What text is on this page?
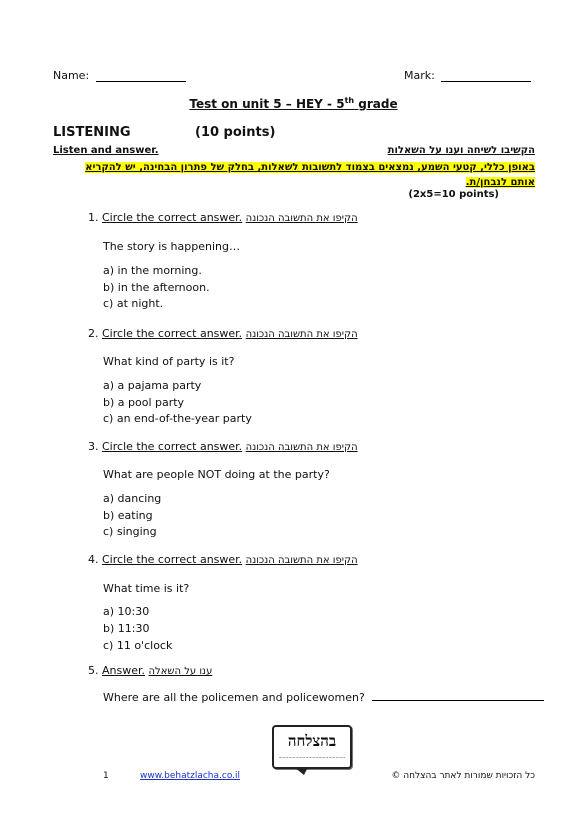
Name:	Mark:
Test on unit 5 – HEY - 5th grade
LISTENING	(10 points)
Listen and answer.	הקשיבו לשיחה וענו על השאלות
באופן כללי, קטעי השמע, נמצאים בצמוד לתשובות לשאלות, בחלק של פתרון הבחינה, יש להקריא אותם לנבחן/ת.
(2x5=10 points)
1. Circle the correct answer. הקיפו את התשובה הנכונה
The story is happening…
a) in the morning.
b) in the afternoon.
c) at night.
2. Circle the correct answer. הקיפו את התשובה הנכונה
What kind of party is it?
a) a pajama party
b) a pool party
c) an end-of-the-year party
3. Circle the correct answer. הקיפו את התשובה הנכונה
What are people NOT doing at the party?
a) dancing
b) eating
c) singing
4. Circle the correct answer. הקיפו את התשובה הנכונה
What time is it?
a) 10:30
b) 11:30
c) 11 o'clock
5. Answer. ענו על השאלה
Where are all the policemen and policewomen?
בהצלחה
~~~~~~~~~~~~~~~~~~~~
1	www.behatzlacha.co.il	כל הזכויות שמורות לאתר בהצלחה ©
